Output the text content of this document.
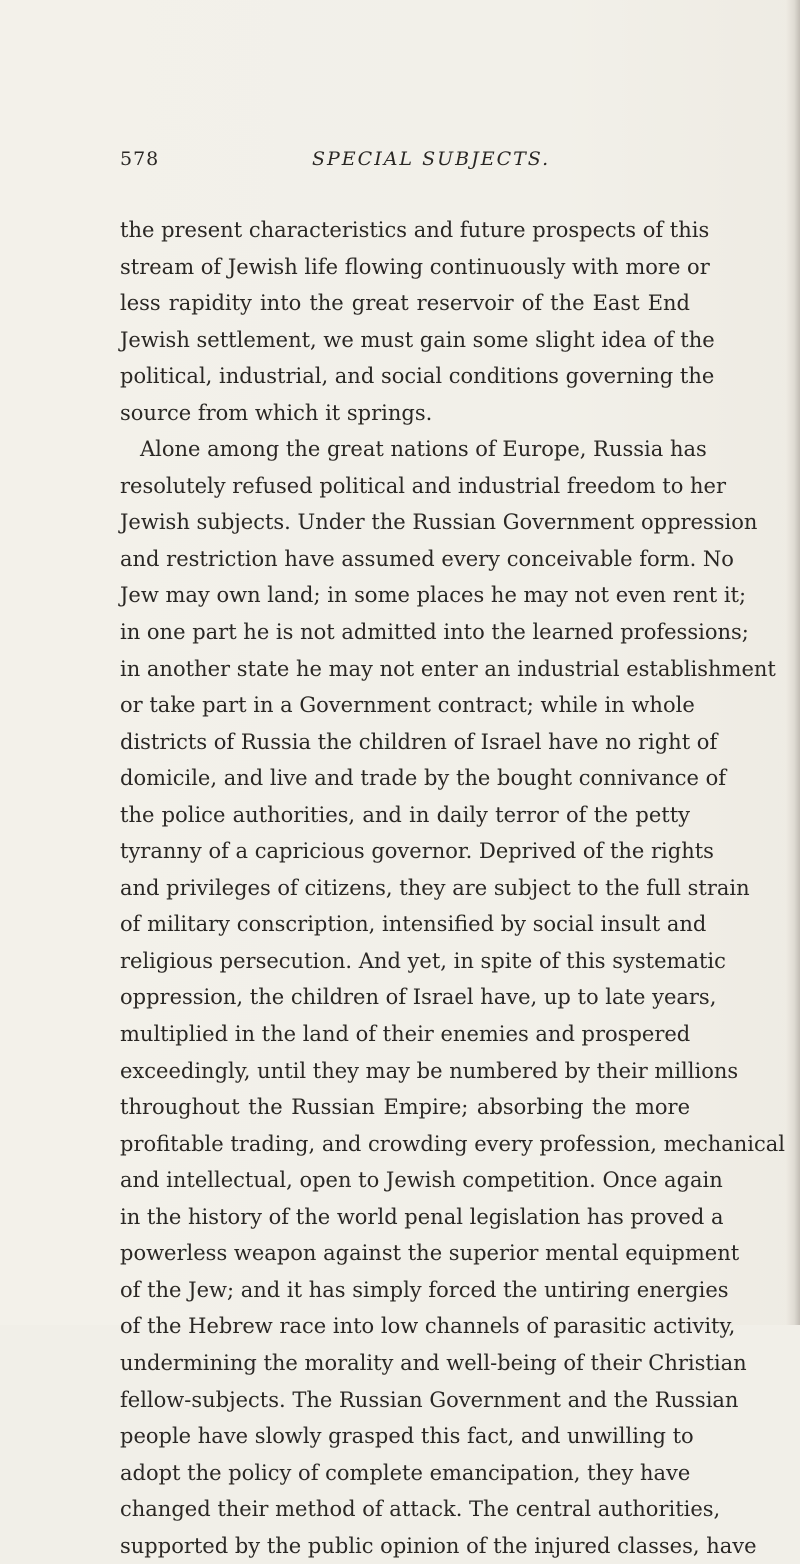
578	SPECIAL SUBJECTS.
the present characteristics and future prospects of this
stream of Jewish life flowing continuously with more or
less rapidity into the great reservoir of the East End
Jewish settlement, we must gain some slight idea of the
political, industrial, and social conditions governing the
source from which it springs.
Alone among the great nations of Europe, Russia has
resolutely refused political and industrial freedom to her
Jewish subjects. Under the Russian Government oppression
and restriction have assumed every conceivable form. No
Jew may own land; in some places he may not even rent it;
in one part he is not admitted into the learned professions;
in another state he may not enter an industrial establishment
or take part in a Government contract; while in whole
districts of Russia the children of Israel have no right of
domicile, and live and trade by the bought connivance of
the police authorities, and in daily terror of the petty
tyranny of a capricious governor. Deprived of the rights
and privileges of citizens, they are subject to the full strain
of military conscription, intensified by social insult and
religious persecution. And yet, in spite of this systematic
oppression, the children of Israel have, up to late years,
multiplied in the land of their enemies and prospered
exceedingly, until they may be numbered by their millions
throughout the Russian Empire; absorbing the more
profitable trading, and crowding every profession, mechanical
and intellectual, open to Jewish competition. Once again
in the history of the world penal legislation has proved a
powerless weapon against the superior mental equipment
of the Jew; and it has simply forced the untiring energies
of the Hebrew race into low channels of parasitic activity,
undermining the morality and well-being of their Christian
fellow-subjects. The Russian Government and the Russian
people have slowly grasped this fact, and unwilling to
adopt the policy of complete emancipation, they have
changed their method of attack. The central authorities,
supported by the public opinion of the injured classes, have
